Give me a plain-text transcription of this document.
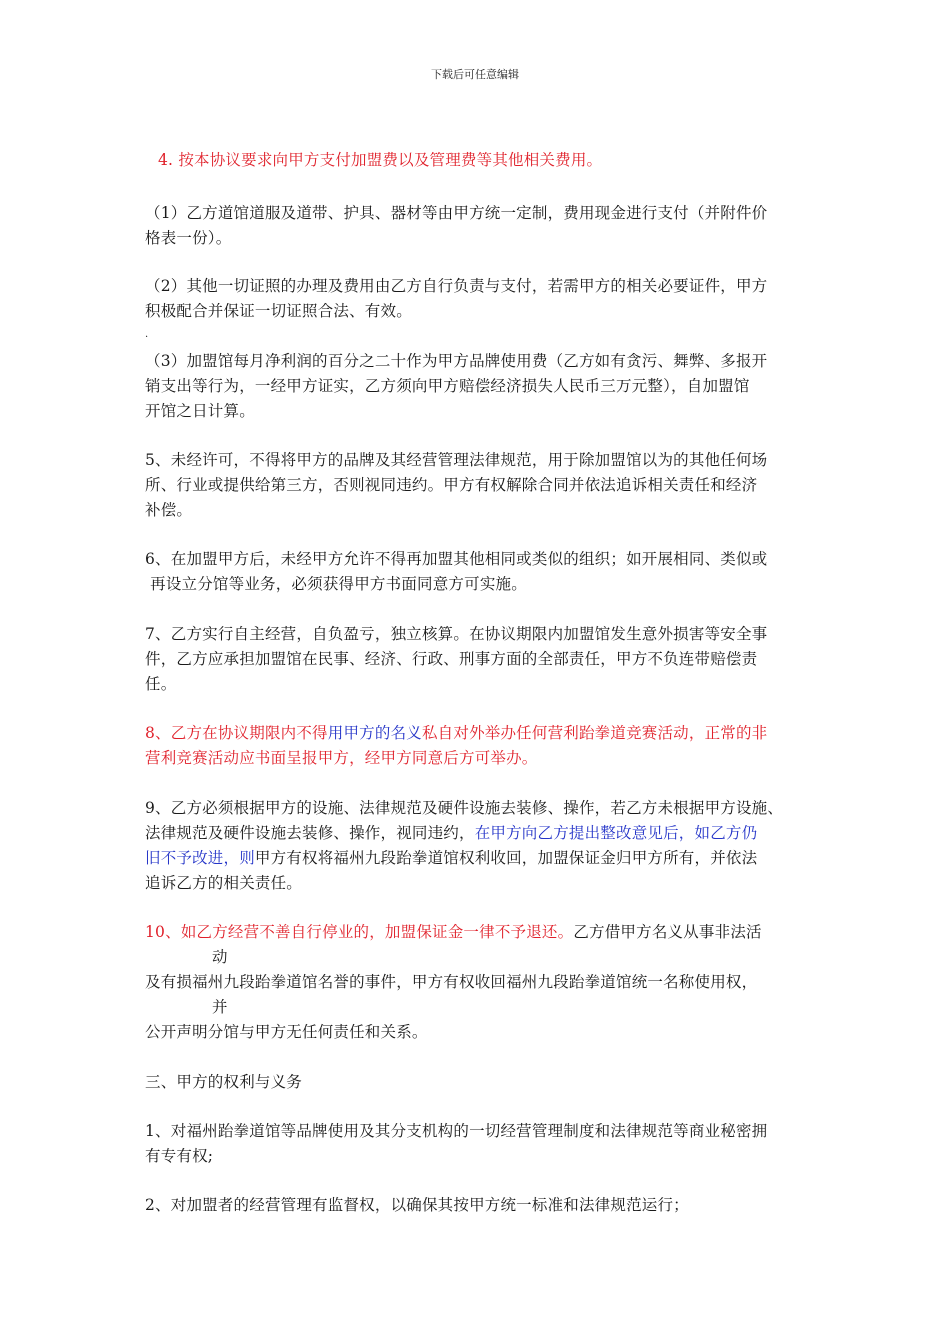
下载后可任意编辑
4. 按本协议要求向甲方支付加盟费以及管理费等其他相关费用。
（1）乙方道馆道服及道带、护具、器材等由甲方统一定制，费用现金进行支付（并附件价
格表一份）。
（2）其他一切证照的办理及费用由乙方自行负责与支付，若需甲方的相关必要证件，甲方
积极配合并保证一切证照合法、有效。
.
（3）加盟馆每月净利润的百分之二十作为甲方品牌使用费（乙方如有贪污、舞弊、多报开
销支出等行为，一经甲方证实，乙方须向甲方赔偿经济损失人民币三万元整），自加盟馆
开馆之日计算。
5、未经许可，不得将甲方的品牌及其经营管理法律规范，用于除加盟馆以为的其他任何场
所、行业或提供给第三方，否则视同违约。甲方有权解除合同并依法追诉相关责任和经济
补偿。
6、在加盟甲方后，未经甲方允许不得再加盟其他相同或类似的组织；如开展相同、类似或
再设立分馆等业务，必须获得甲方书面同意方可实施。
7、乙方实行自主经营，自负盈亏，独立核算。在协议期限内加盟馆发生意外损害等安全事
件，乙方应承担加盟馆在民事、经济、行政、刑事方面的全部责任，甲方不负连带赔偿责
任。
8、乙方在协议期限内不得用甲方的名义私自对外举办任何营利跆拳道竞赛活动，正常的非
营利竞赛活动应书面呈报甲方，经甲方同意后方可举办。
9、乙方必须根据甲方的设施、法律规范及硬件设施去装修、操作，若乙方未根据甲方设施、
法律规范及硬件设施去装修、操作，视同违约，在甲方向乙方提出整改意见后，如乙方仍
旧不予改进，则甲方有权将福州九段跆拳道馆权利收回，加盟保证金归甲方所有，并依法
追诉乙方的相关责任。
10、如乙方经营不善自行停业的，加盟保证金一律不予退还。乙方借甲方名义从事非法活
动
及有损福州九段跆拳道馆名誉的事件，甲方有权收回福州九段跆拳道馆统一名称使用权，
并
公开声明分馆与甲方无任何责任和关系。
三、甲方的权利与义务
1、对福州跆拳道馆等品牌使用及其分支机构的一切经营管理制度和法律规范等商业秘密拥
有专有权;
2、对加盟者的经营管理有监督权，以确保其按甲方统一标准和法律规范运行；
